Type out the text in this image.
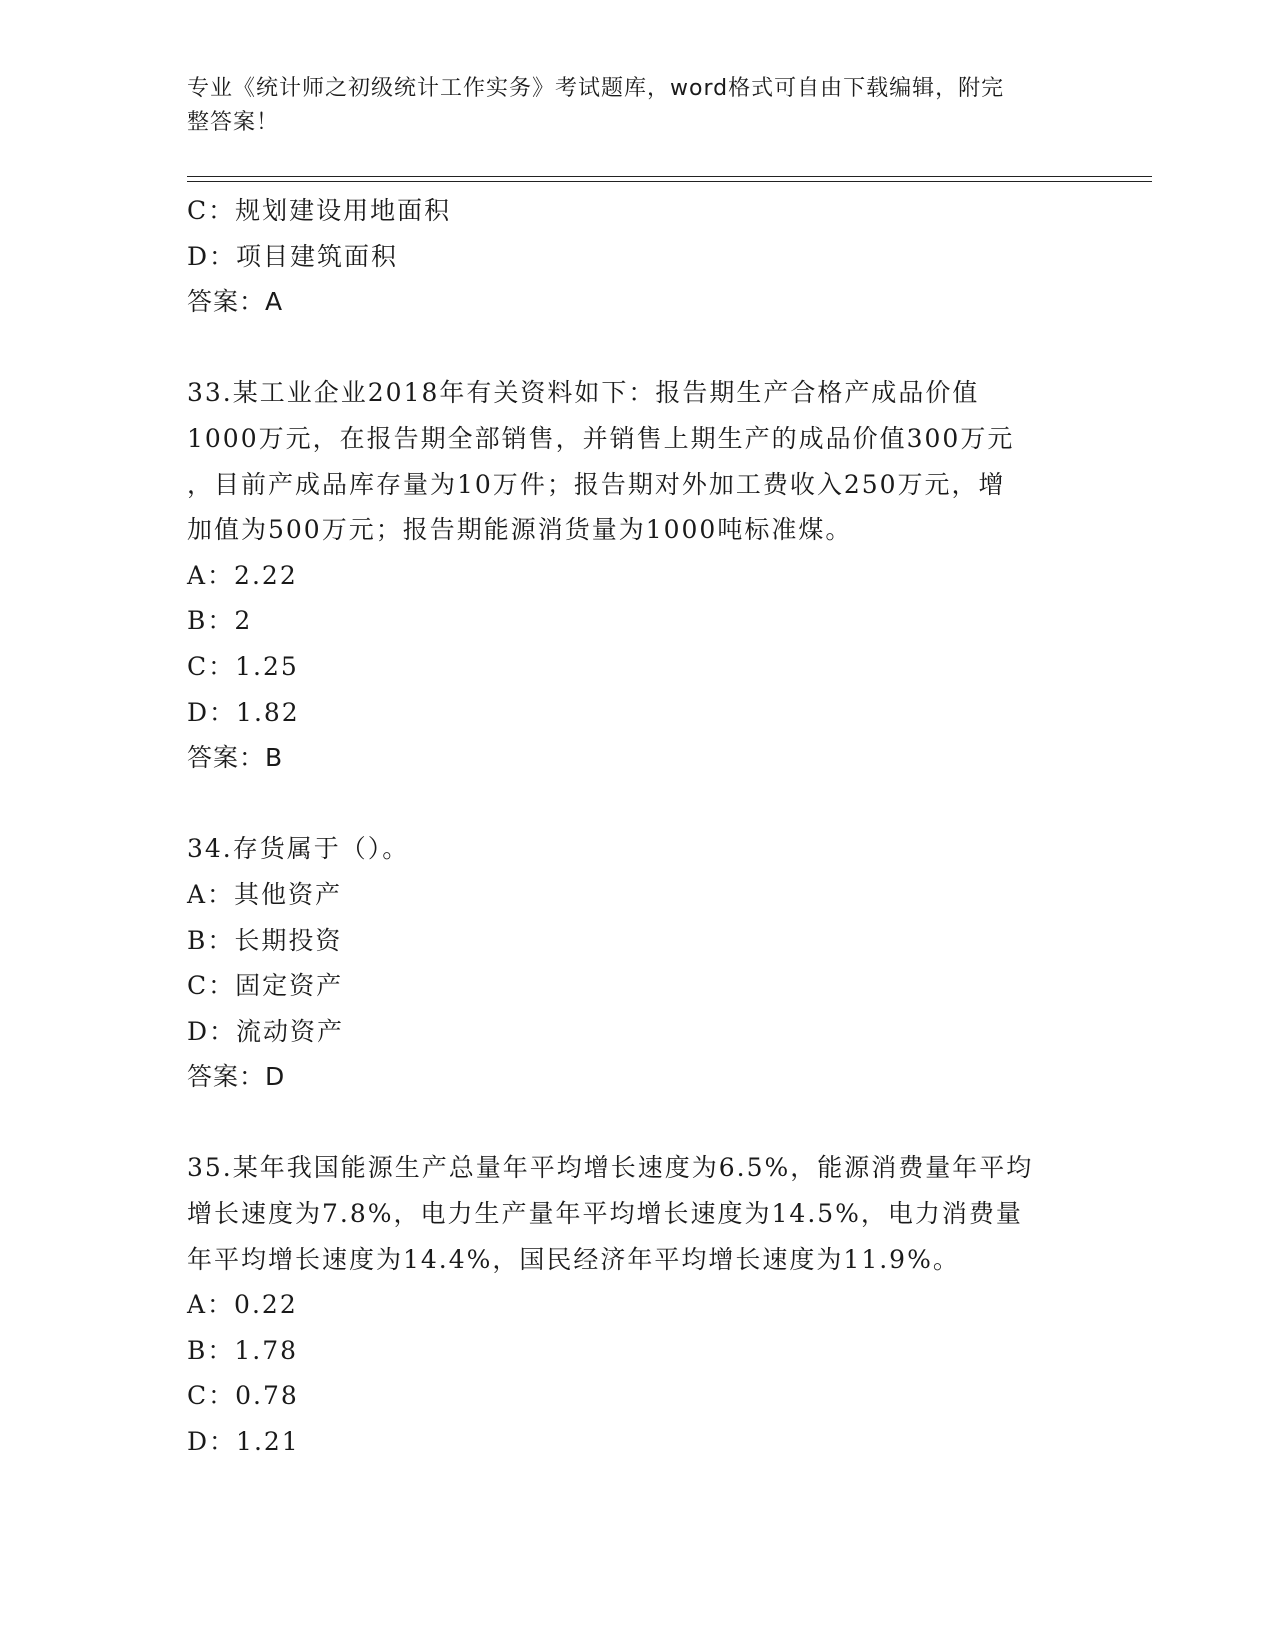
专业《统计师之初级统计工作实务》考试题库，word格式可自由下载编辑，附完
整答案！
C：规划建设用地面积
D：项目建筑面积
答案：A
33.某工业企业2018年有关资料如下：报告期生产合格产成品价值
1000万元，在报告期全部销售，并销售上期生产的成品价值300万元
，目前产成品库存量为10万件；报告期对外加工费收入250万元，增
加值为500万元；报告期能源消货量为1000吨标准煤。
A：2.22
B：2
C：1.25
D：1.82
答案：B
34.存货属于（）。
A：其他资产
B：长期投资
C：固定资产
D：流动资产
答案：D
35.某年我国能源生产总量年平均增长速度为6.5%，能源消费量年平均
增长速度为7.8%，电力生产量年平均增长速度为14.5%，电力消费量
年平均增长速度为14.4%，国民经济年平均增长速度为11.9%。
A：0.22
B：1.78
C：0.78
D：1.21
